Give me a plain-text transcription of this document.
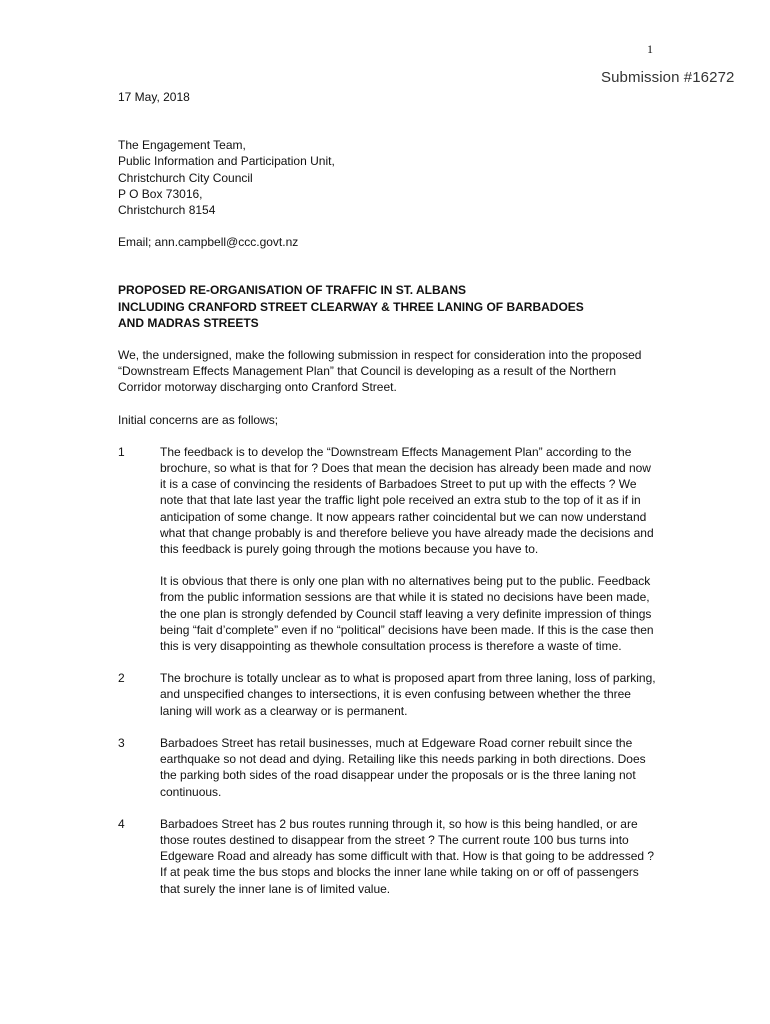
1
Submission #16272

17 May, 2018

The Engagement Team,
Public Information and Participation Unit,
Christchurch City Council
P O Box 73016,
Christchurch 8154

Email; ann.campbell@ccc.govt.nz

PROPOSED RE-ORGANISATION OF TRAFFIC IN ST. ALBANS
INCLUDING CRANFORD STREET CLEARWAY & THREE LANING OF BARBADOES
AND MADRAS STREETS

We, the undersigned, make the following submission in respect for consideration into the proposed “Downstream Effects Management Plan” that Council is developing as a result of the Northern Corridor motorway discharging onto Cranford Street.

Initial concerns are as follows;

1	The feedback is to develop the “Downstream Effects Management Plan” according to the brochure, so what is that for ? Does that mean the decision has already been made and now it is a case of convincing the residents of Barbadoes Street to put up with the effects ? We note that that late last year the traffic light pole received an extra stub to the top of it as if in anticipation of some change. It now appears rather coincidental but we can now understand what that change probably is and therefore believe you have already made the decisions and this feedback is purely going through the motions because you have to.

It is obvious that there is only one plan with no alternatives being put to the public. Feedback from the public information sessions are that while it is stated no decisions have been made, the one plan is strongly defended by Council staff leaving a very definite impression of things being “fait d’complete” even if no “political” decisions have been made. If this is the case then this is very disappointing as thewhole consultation process is therefore a waste of time.

2	The brochure is totally unclear as to what is proposed apart from three laning, loss of parking, and unspecified changes to intersections, it is even confusing between whether the three laning will work as a clearway or is permanent.

3	Barbadoes Street has retail businesses, much at Edgeware Road corner rebuilt since the earthquake so not dead and dying. Retailing like this needs parking in both directions. Does the parking both sides of the road disappear under the proposals or is the three laning not continuous.

4	Barbadoes Street has 2 bus routes running through it, so how is this being handled, or are those routes destined to disappear from the street ? The current route 100 bus turns into Edgeware Road and already has some difficult with that. How is that going to be addressed ? If at peak time the bus stops and blocks the inner lane while taking on or off of passengers that surely the inner lane is of limited value.
